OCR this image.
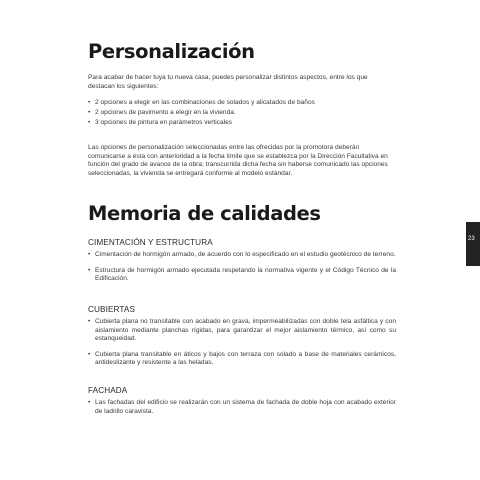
Personalización

Para acabar de hacer tuya tu nueva casa, puedes personalizar distintos aspectos, entre los que destacan los siguientes:

• 2 opciones a elegir en las combinaciones de solados y alicatados de baños
• 2 opciones de pavimento a elegir en la vivienda.
• 3 opciones de pintura en parámetros verticales

Las opciones de personalización seleccionadas entre las ofrecidas por la promotora deberán comunicarse a ésta con anterioridad a la fecha límite que se establezca por la Dirección Facultativa en función del grado de avance de la obra; transcurrida dicha fecha sin haberse comunicado las opciones seleccionadas, la vivienda se entregará conforme al modelo estándar.

Memoria de calidades
CIMENTACIÓN Y ESTRUCTURA
• Cimentación de hormigón armado, de acuerdo con lo especificado en el estudio geotécnico de terreno.
• Estructura de hormigón armado ejecutada respetando la normativa vigente y el Código Técnico de la Edificación.
CUBIERTAS
• Cubierta plana no transitable con acabado en grava, impermeabilizadas con doble tela asfáltica y con aislamiento mediante planchas rígidas, para garantizar el mejor aislamiento térmico, así como su estanqueidad.
• Cubierta plana transitable en áticos y bajos con terraza con solado a base de materiales cerámicos, antideslizante y resistente a las heladas.
FACHADA
• Las fachadas del edificio se realizarán con un sistema de fachada de doble hoja con acabado exterior de ladrillo caravista.
23
